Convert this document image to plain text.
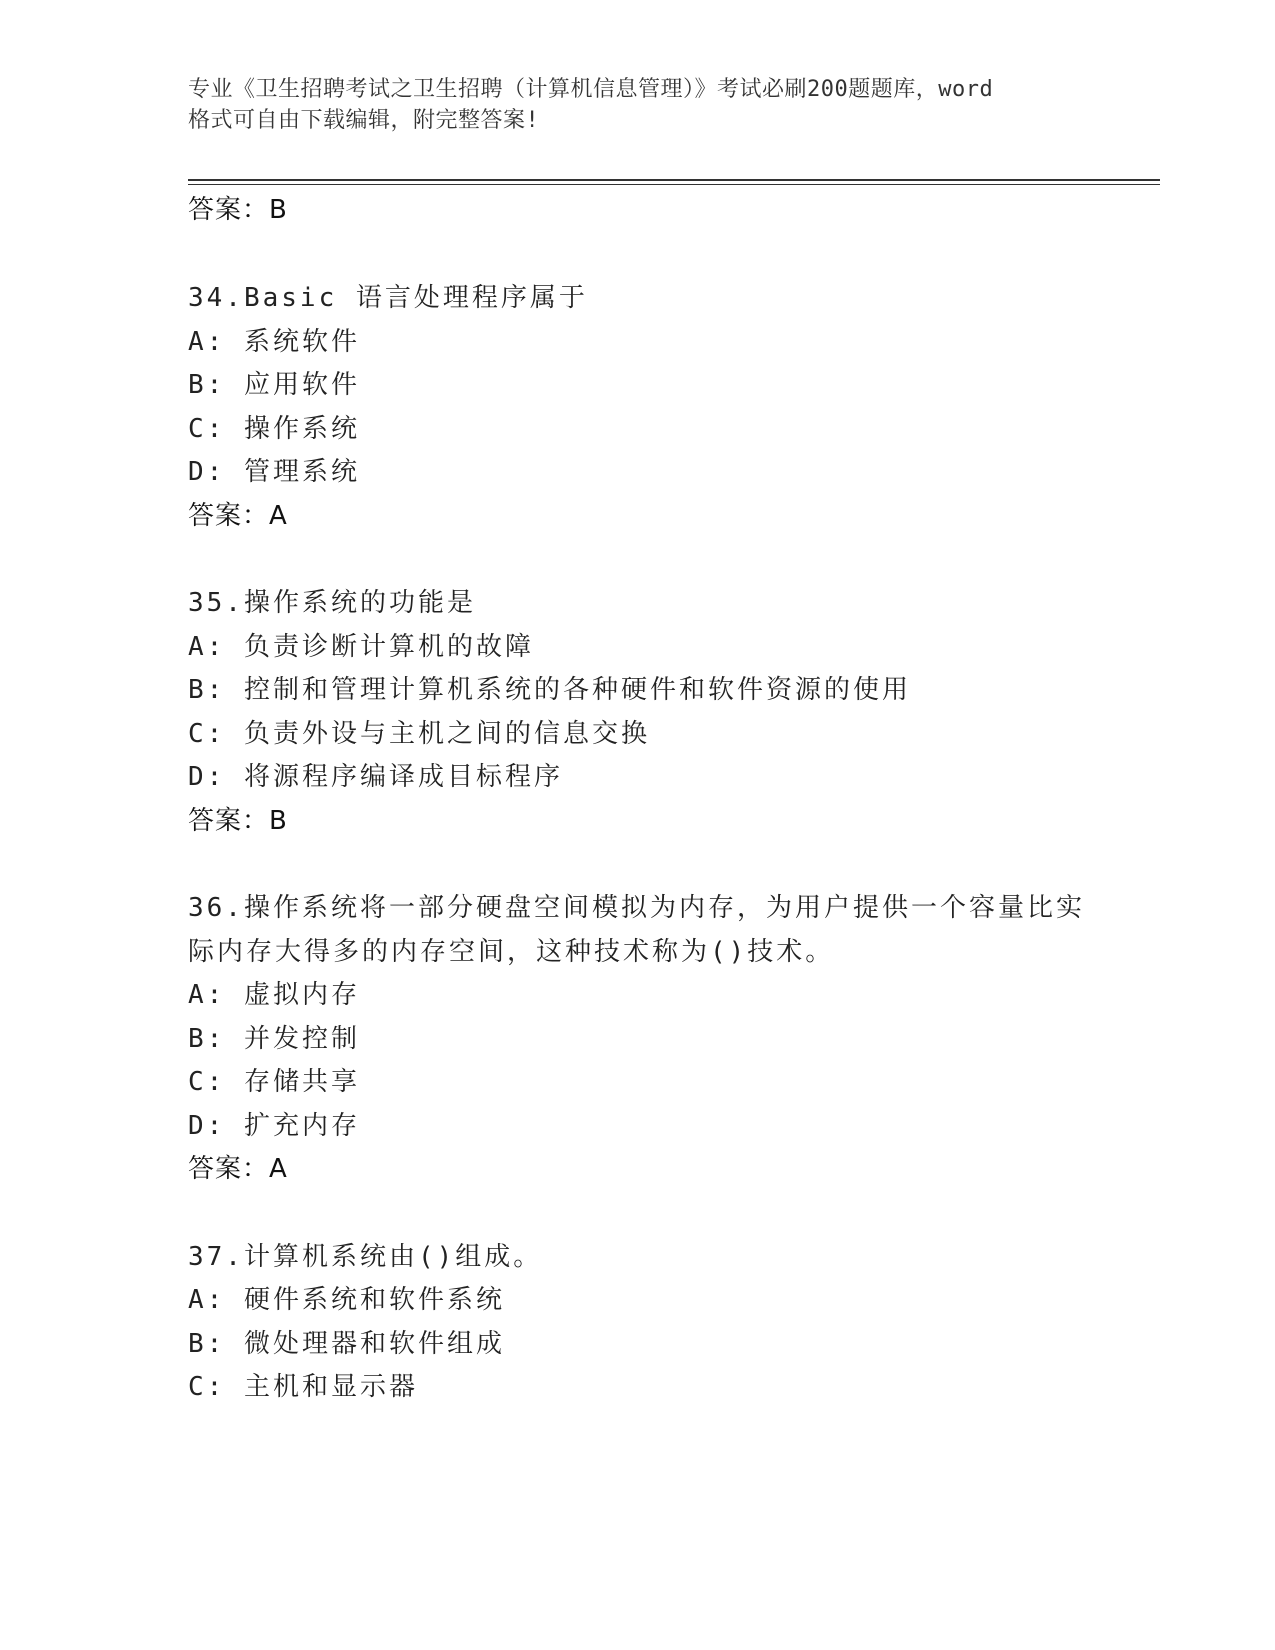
专业《卫生招聘考试之卫生招聘（计算机信息管理）》考试必刷200题题库，word
格式可自由下载编辑，附完整答案!
答案：B
34.Basic 语言处理程序属于
A: 系统软件
B: 应用软件
C: 操作系统
D: 管理系统
答案：A
35.操作系统的功能是
A: 负责诊断计算机的故障
B: 控制和管理计算机系统的各种硬件和软件资源的使用
C: 负责外设与主机之间的信息交换
D: 将源程序编译成目标程序
答案：B
36.操作系统将一部分硬盘空间模拟为内存，为用户提供一个容量比实
际内存大得多的内存空间，这种技术称为()技术。
A: 虚拟内存
B: 并发控制
C: 存储共享
D: 扩充内存
答案：A
37.计算机系统由()组成。
A: 硬件系统和软件系统
B: 微处理器和软件组成
C: 主机和显示器
